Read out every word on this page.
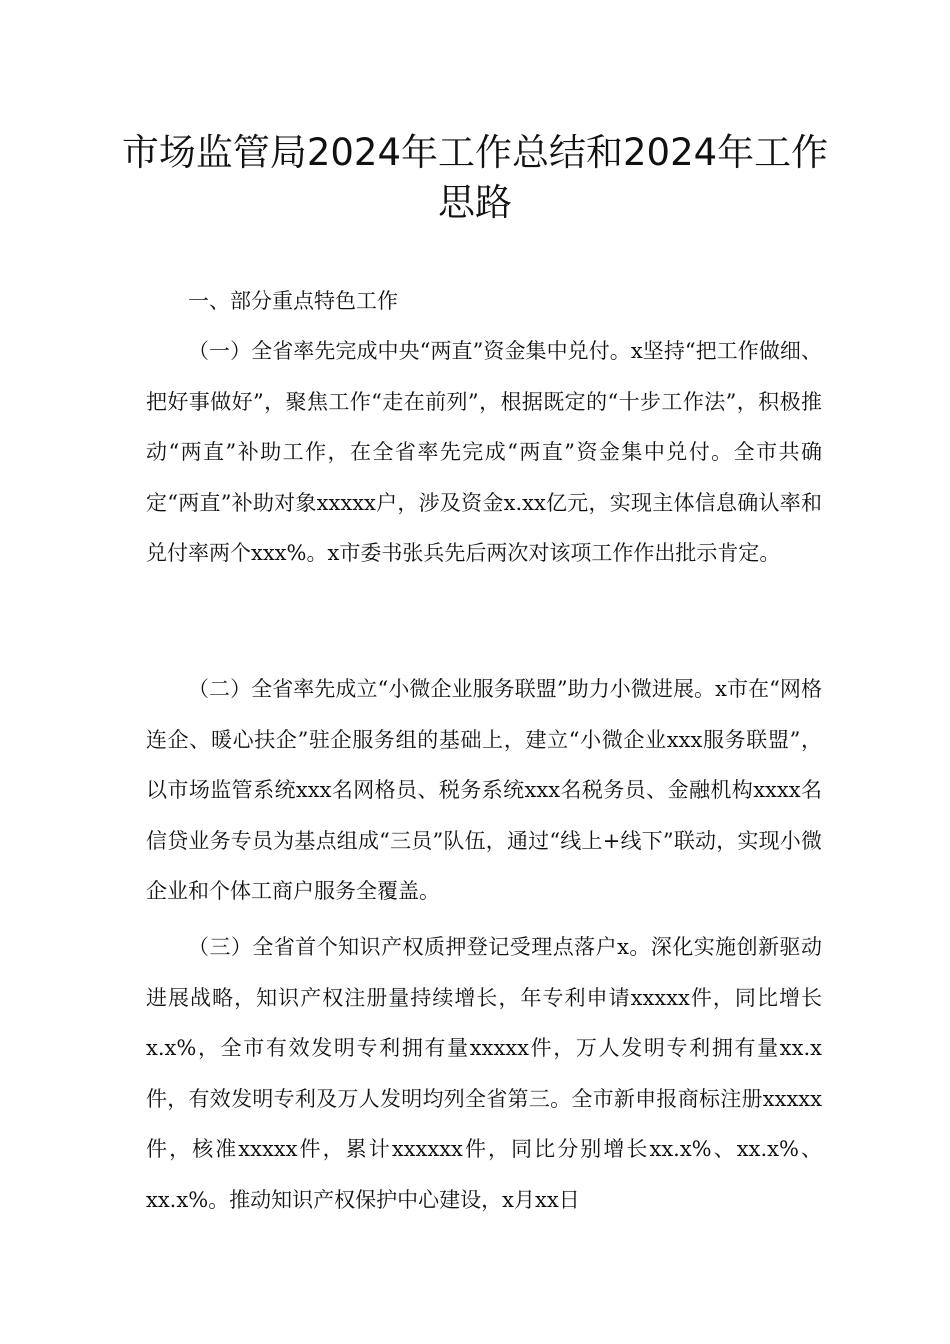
市场监管局2024年工作总结和2024年工作思路

一、部分重点特色工作

（一）全省率先完成中央“两直”资金集中兑付。x坚持“把工作做细、把好事做好”，聚焦工作“走在前列”，根据既定的“十步工作法”，积极推动“两直”补助工作，在全省率先完成“两直”资金集中兑付。全市共确定“两直”补助对象xxxxx户，涉及资金x.xx亿元，实现主体信息确认率和兑付率两个xxx%。x市委书张兵先后两次对该项工作作出批示肯定。

（二）全省率先成立“小微企业服务联盟”助力小微进展。x市在“网格连企、暖心扶企”驻企服务组的基础上，建立“小微企业xxx服务联盟”，以市场监管系统xxx名网格员、税务系统xxx名税务员、金融机构xxxx名信贷业务专员为基点组成“三员”队伍，通过“线上+线下”联动，实现小微企业和个体工商户服务全覆盖。

（三）全省首个知识产权质押登记受理点落户x。深化实施创新驱动进展战略，知识产权注册量持续增长，年专利申请xxxxx件，同比增长x.x%，全市有效发明专利拥有量xxxxx件，万人发明专利拥有量xx.x件，有效发明专利及万人发明均列全省第三。全市新申报商标注册xxxxx件，核准xxxxx件，累计xxxxxx件，同比分别增长xx.x%、xx.x%、xx.x%。推动知识产权保护中心建设，x月xx日
